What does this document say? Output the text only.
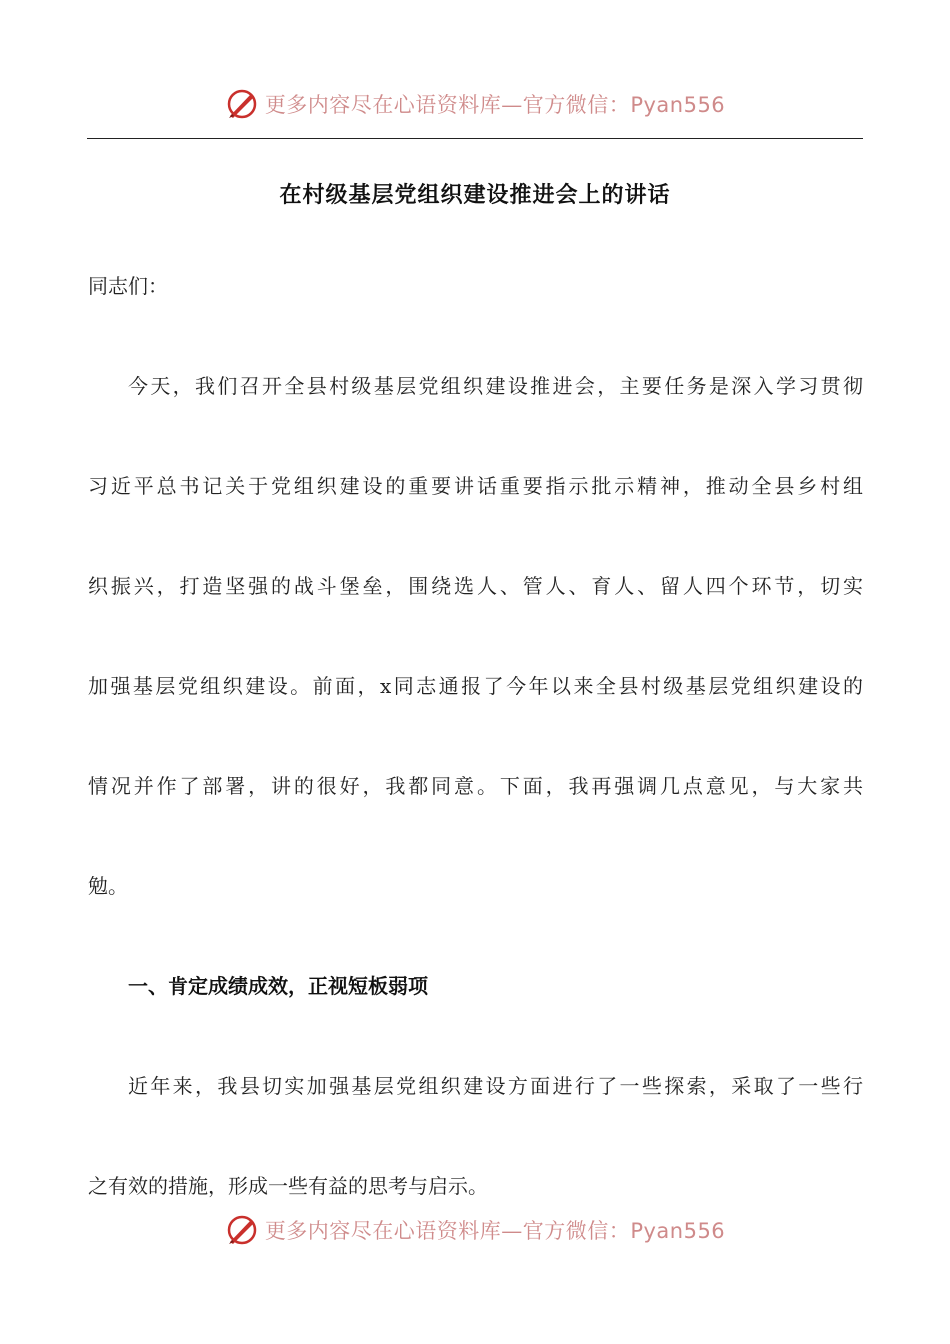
更多内容尽在心语资料库—官方微信：Pyan556
在村级基层党组织建设推进会上的讲话
同志们：
今天，我们召开全县村级基层党组织建设推进会，主要任务是深入学习贯彻
习近平总书记关于党组织建设的重要讲话重要指示批示精神，推动全县乡村组
织振兴，打造坚强的战斗堡垒，围绕选人、管人、育人、留人四个环节，切实
加强基层党组织建设。前面，x同志通报了今年以来全县村级基层党组织建设的
情况并作了部署，讲的很好，我都同意。下面，我再强调几点意见，与大家共
勉。
一、肯定成绩成效，正视短板弱项
近年来，我县切实加强基层党组织建设方面进行了一些探索，采取了一些行
之有效的措施，形成一些有益的思考与启示。
更多内容尽在心语资料库—官方微信：Pyan556
